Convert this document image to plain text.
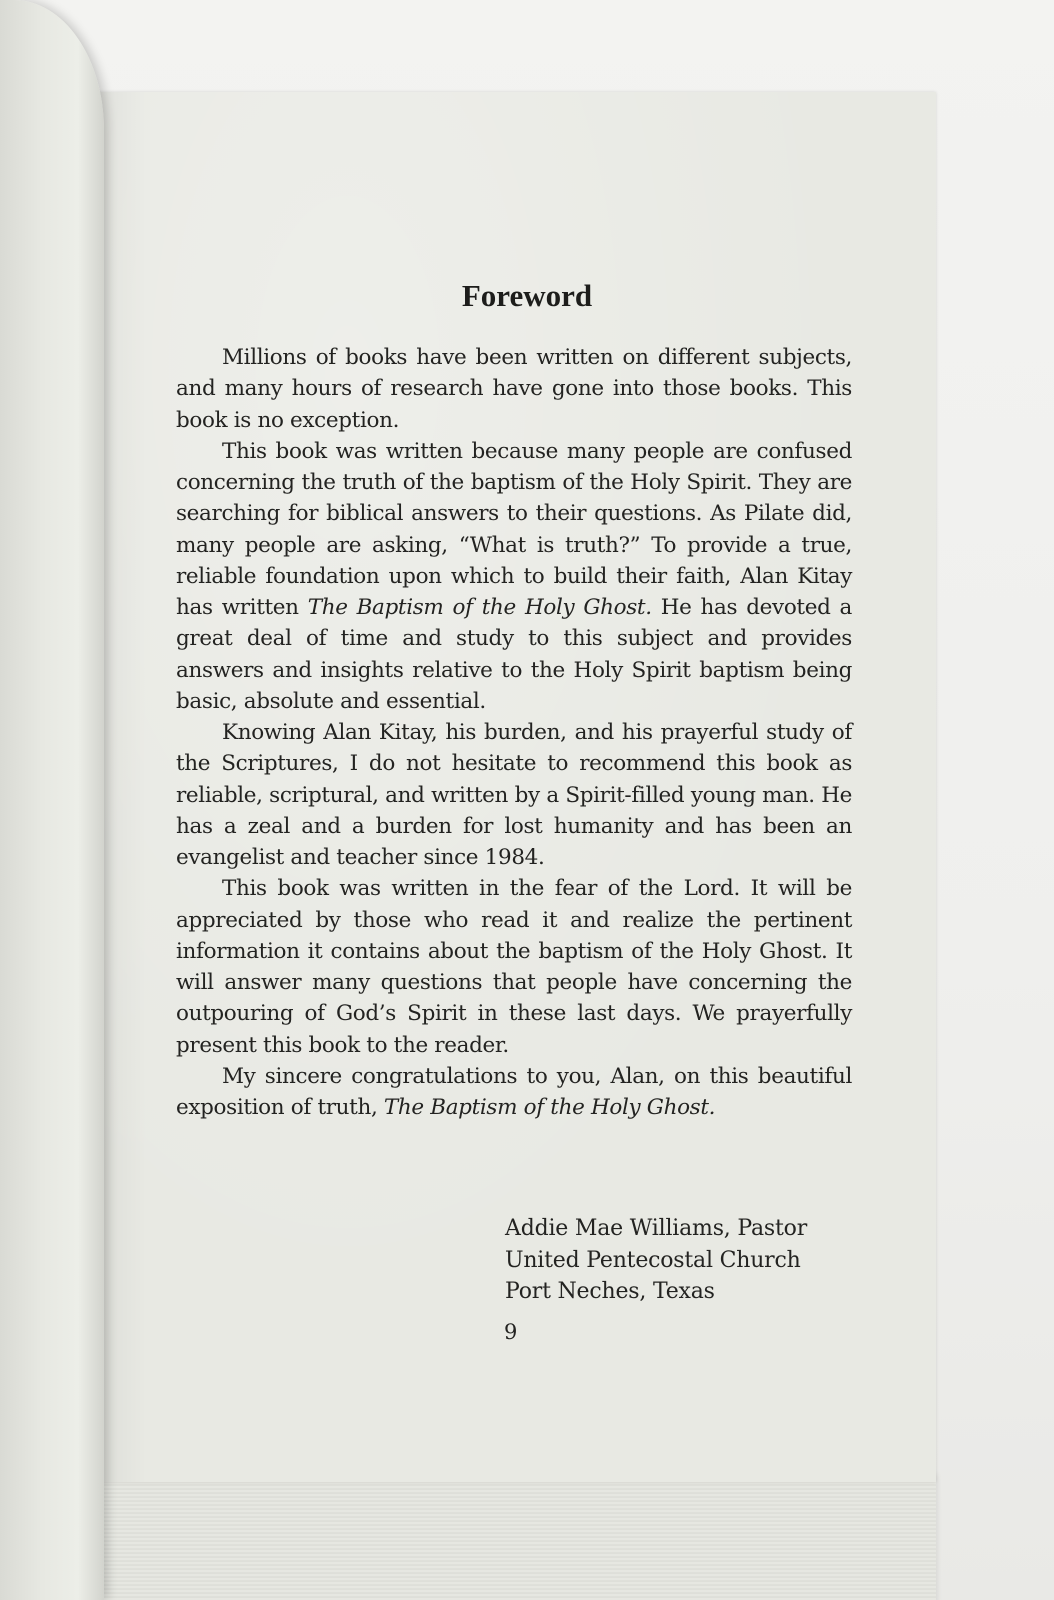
Foreword

Millions of books have been written on different subjects, and many hours of research have gone into those books. This book is no exception.

This book was written because many people are confused concerning the truth of the baptism of the Holy Spirit. They are searching for biblical answers to their questions. As Pilate did, many people are asking, “What is truth?” To provide a true, reliable foundation upon which to build their faith, Alan Kitay has written The Baptism of the Holy Ghost. He has devoted a great deal of time and study to this subject and provides answers and insights relative to the Holy Spirit baptism being basic, absolute and essential.

Knowing Alan Kitay, his burden, and his prayerful study of the Scriptures, I do not hesitate to recommend this book as reliable, scriptural, and written by a Spirit-filled young man. He has a zeal and a burden for lost humanity and has been an evangelist and teacher since 1984.

This book was written in the fear of the Lord. It will be appreciated by those who read it and realize the pertinent information it contains about the baptism of the Holy Ghost. It will answer many questions that people have concerning the outpouring of God’s Spirit in these last days. We prayerfully present this book to the reader.

My sincere congratulations to you, Alan, on this beautiful exposition of truth, The Baptism of the Holy Ghost.

Addie Mae Williams, Pastor
United Pentecostal Church
Port Neches, Texas
9
